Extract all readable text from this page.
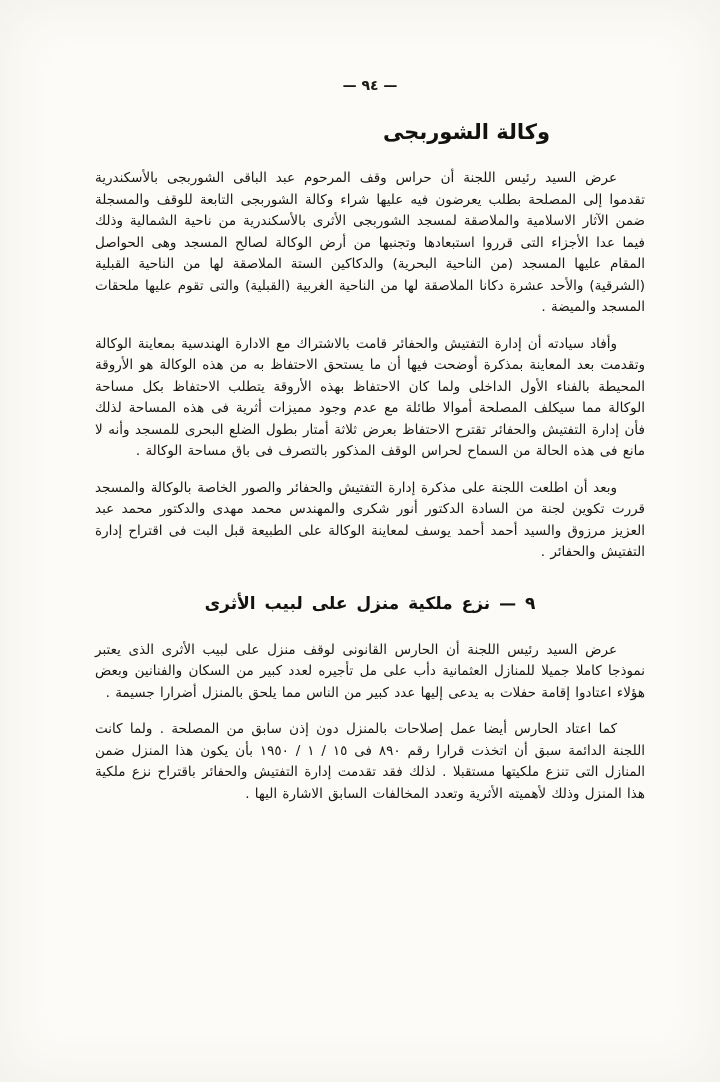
— ٩٤ —
وكالة الشوربجى

عرض السيد رئيس اللجنة أن حراس وقف المرحوم عبد الباقى الشوربجى بالأسكندرية تقدموا إلى المصلحة بطلب يعرضون فيه عليها شراء وكالة الشوربجى التابعة للوقف والمسجلة ضمن الآثار الاسلامية والملاصقة لمسجد الشوربجى الأثرى بالأسكندرية من ناحية الشمالية وذلك فيما عدا الأجزاء التى قرروا استبعادها وتجنبها من أرض الوكالة لصالح المسجد وهى الحواصل المقام عليها المسجد (من الناحية البحرية) والدكاكين الستة الملاصقة لها من الناحية القبلية (الشرقية) والأحد عشرة دكانا الملاصقة لها من الناحية الغربية (القبلية) والتى تقوم عليها ملحقات المسجد والميضة .

وأفاد سيادته أن إدارة التفتيش والحفائر قامت بالاشتراك مع الادارة الهندسية بمعاينة الوكالة وتقدمت بعد المعاينة بمذكرة أوضحت فيها أن ما يستحق الاحتفاظ به من هذه الوكالة هو الأروقة المحيطة بالفناء الأول الداخلى ولما كان الاحتفاظ بهذه الأروقة يتطلب الاحتفاظ بكل مساحة الوكالة مما سيكلف المصلحة أموالا طائلة مع عدم وجود مميزات أثرية فى هذه المساحة لذلك فأن إدارة التفتيش والحفائر تقترح الاحتفاظ بعرض ثلاثة أمتار بطول الضلع البحرى للمسجد وأنه لا مانع فى هذه الحالة من السماح لحراس الوقف المذكور بالتصرف فى باق مساحة الوكالة .

وبعد أن اطلعت اللجنة على مذكرة إدارة التفتيش والحفائر والصور الخاصة بالوكالة والمسجد قررت تكوين لجنة من السادة الدكتور أنور شكرى والمهندس محمد مهدى والدكتور محمد عبد العزيز مرزوق والسيد أحمد أحمد يوسف لمعاينة الوكالة على الطبيعة قبل البت فى اقتراح إدارة التفتيش والحفائر .

٩ — نزع ملكية منزل على لبيب الأثرى

عرض السيد رئيس اللجنة أن الحارس القانونى لوقف منزل على لبيب الأثرى الذى يعتبر نموذجا كاملا جميلا للمنازل العثمانية دأب على مل تأجيره لعدد كبير من السكان والفنانين وبعض هؤلاء اعتادوا إقامة حفلات به يدعى إليها عدد كبير من الناس مما يلحق بالمنزل أضرارا جسيمة .

كما اعتاد الحارس أيضا عمل إصلاحات بالمنزل دون إذن سابق من المصلحة . ولما كانت اللجنة الدائمة سبق أن اتخذت قرارا رقم ٨٩٠ فى ١٥ / ١ / ١٩٥٠ بأن يكون هذا المنزل ضمن المنازل التى تنزع ملكيتها مستقبلا . لذلك فقد تقدمت إدارة التفتيش والحفائر باقتراح نزع ملكية هذا المنزل وذلك لأهميته الأثرية وتعدد المخالفات السابق الاشارة اليها .
